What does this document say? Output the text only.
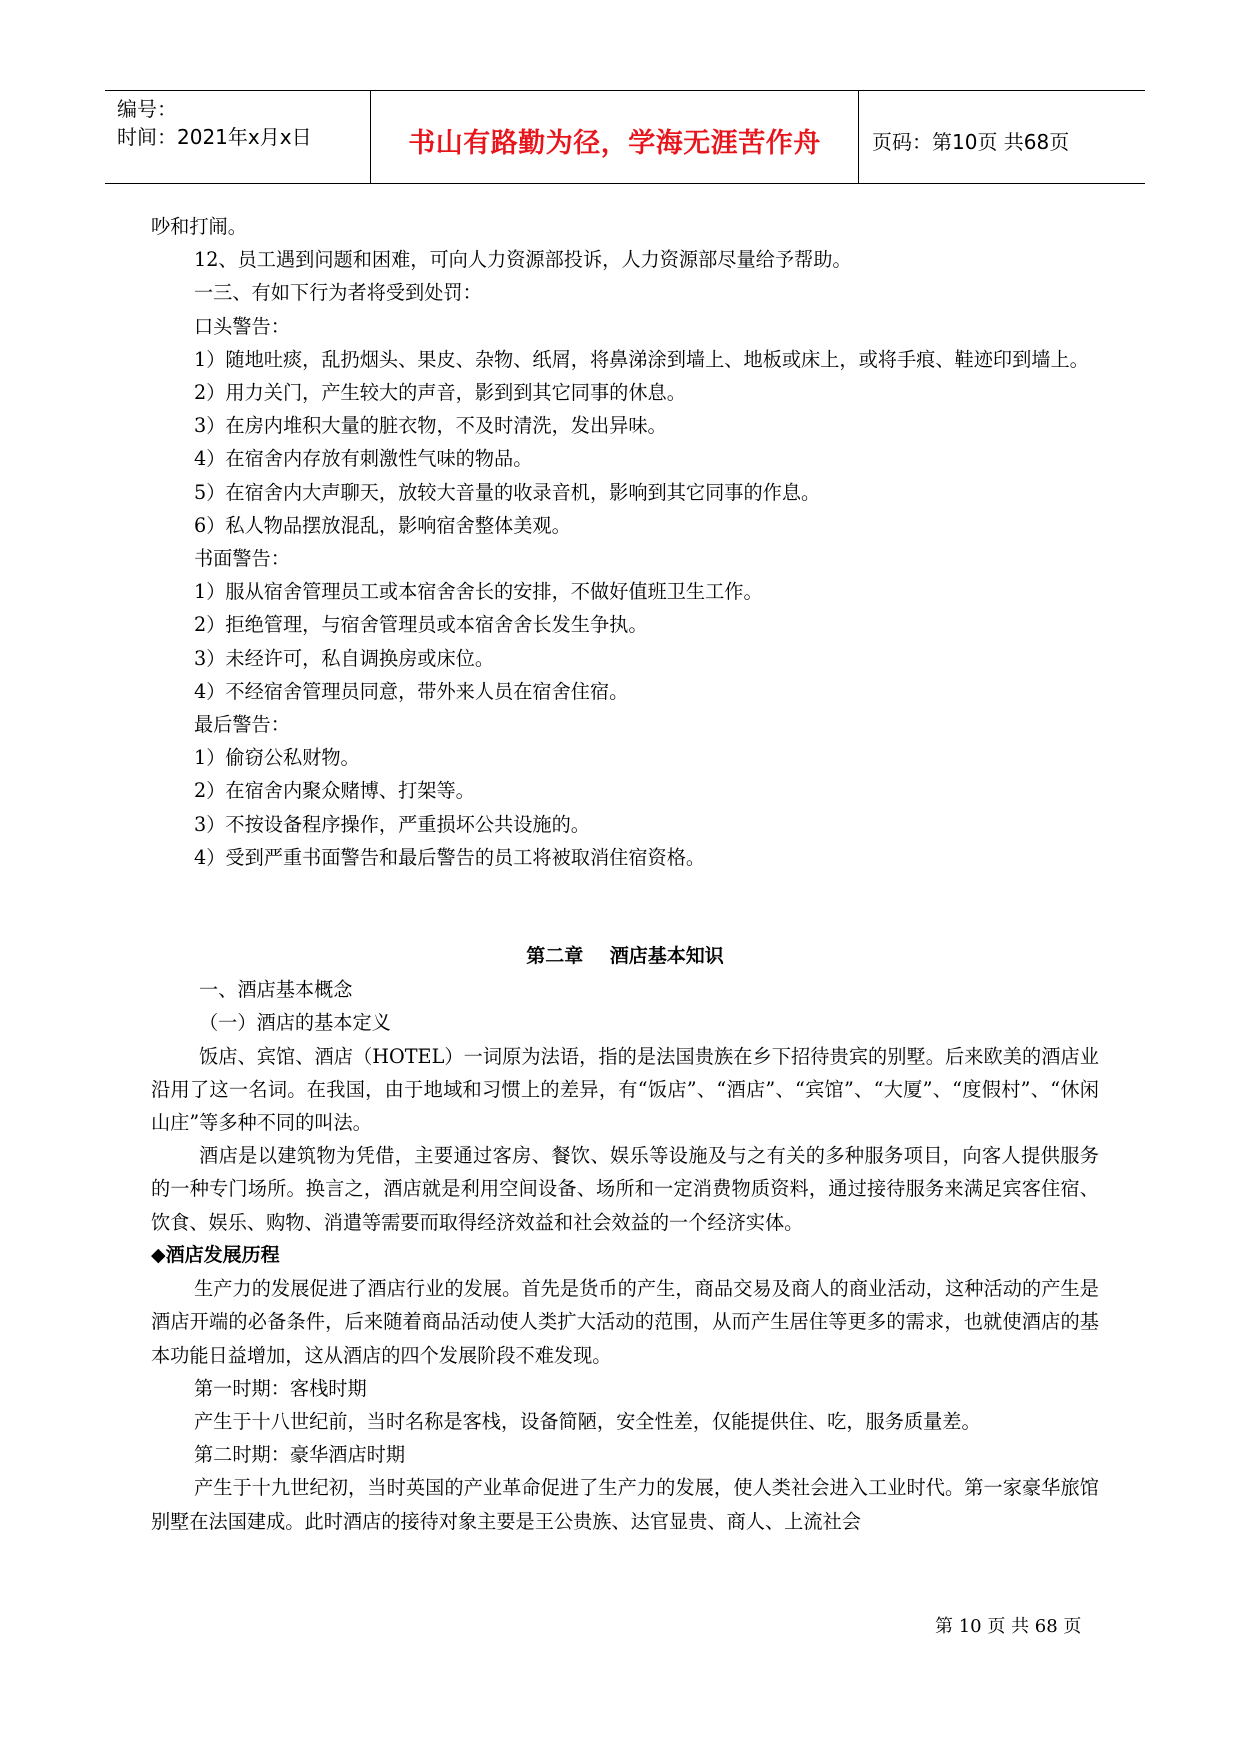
编号：
时间：2021年x月x日	书山有路勤为径，学海无涯苦作舟	页码：第10页 共68页

吵和打闹。

12、员工遇到问题和困难，可向人力资源部投诉，人力资源部尽量给予帮助。

一三、有如下行为者将受到处罚：

口头警告：

1）随地吐痰，乱扔烟头、果皮、杂物、纸屑，将鼻涕涂到墙上、地板或床上，或将手痕、鞋迹印到墙上。

2）用力关门，产生较大的声音，影到到其它同事的休息。

3）在房内堆积大量的脏衣物，不及时清洗，发出异味。

4）在宿舍内存放有刺激性气味的物品。

5）在宿舍内大声聊天，放较大音量的收录音机，影响到其它同事的作息。

6）私人物品摆放混乱，影响宿舍整体美观。

书面警告：

1）服从宿舍管理员工或本宿舍舍长的安排，不做好值班卫生工作。

2）拒绝管理，与宿舍管理员或本宿舍舍长发生争执。

3）未经许可，私自调换房或床位。

4）不经宿舍管理员同意，带外来人员在宿舍住宿。

最后警告：

1）偷窃公私财物。

2）在宿舍内聚众赌博、打架等。

3）不按设备程序操作，严重损坏公共设施的。

4）受到严重书面警告和最后警告的员工将被取消住宿资格。

第二章    酒店基本知识

一、酒店基本概念

（一）酒店的基本定义

饭店、宾馆、酒店（HOTEL）一词原为法语，指的是法国贵族在乡下招待贵宾的别墅。后来欧美的酒店业沿用了这一名词。在我国，由于地域和习惯上的差异，有“饭店”、“酒店”、“宾馆”、“大厦”、“度假村”、“休闲山庄”等多种不同的叫法。

酒店是以建筑物为凭借，主要通过客房、餐饮、娱乐等设施及与之有关的多种服务项目，向客人提供服务的一种专门场所。换言之，酒店就是利用空间设备、场所和一定消费物质资料，通过接待服务来满足宾客住宿、饮食、娱乐、购物、消遣等需要而取得经济效益和社会效益的一个经济实体。

◆酒店发展历程

生产力的发展促进了酒店行业的发展。首先是货币的产生，商品交易及商人的商业活动，这种活动的产生是酒店开端的必备条件，后来随着商品活动使人类扩大活动的范围，从而产生居住等更多的需求，也就使酒店的基本功能日益增加，这从酒店的四个发展阶段不难发现。

第一时期：客栈时期

产生于十八世纪前，当时名称是客栈，设备简陋，安全性差，仅能提供住、吃，服务质量差。

第二时期：豪华酒店时期

产生于十九世纪初，当时英国的产业革命促进了生产力的发展，使人类社会进入工业时代。第一家豪华旅馆别墅在法国建成。此时酒店的接待对象主要是王公贵族、达官显贵、商人、上流社会

第 10 页 共 68 页
